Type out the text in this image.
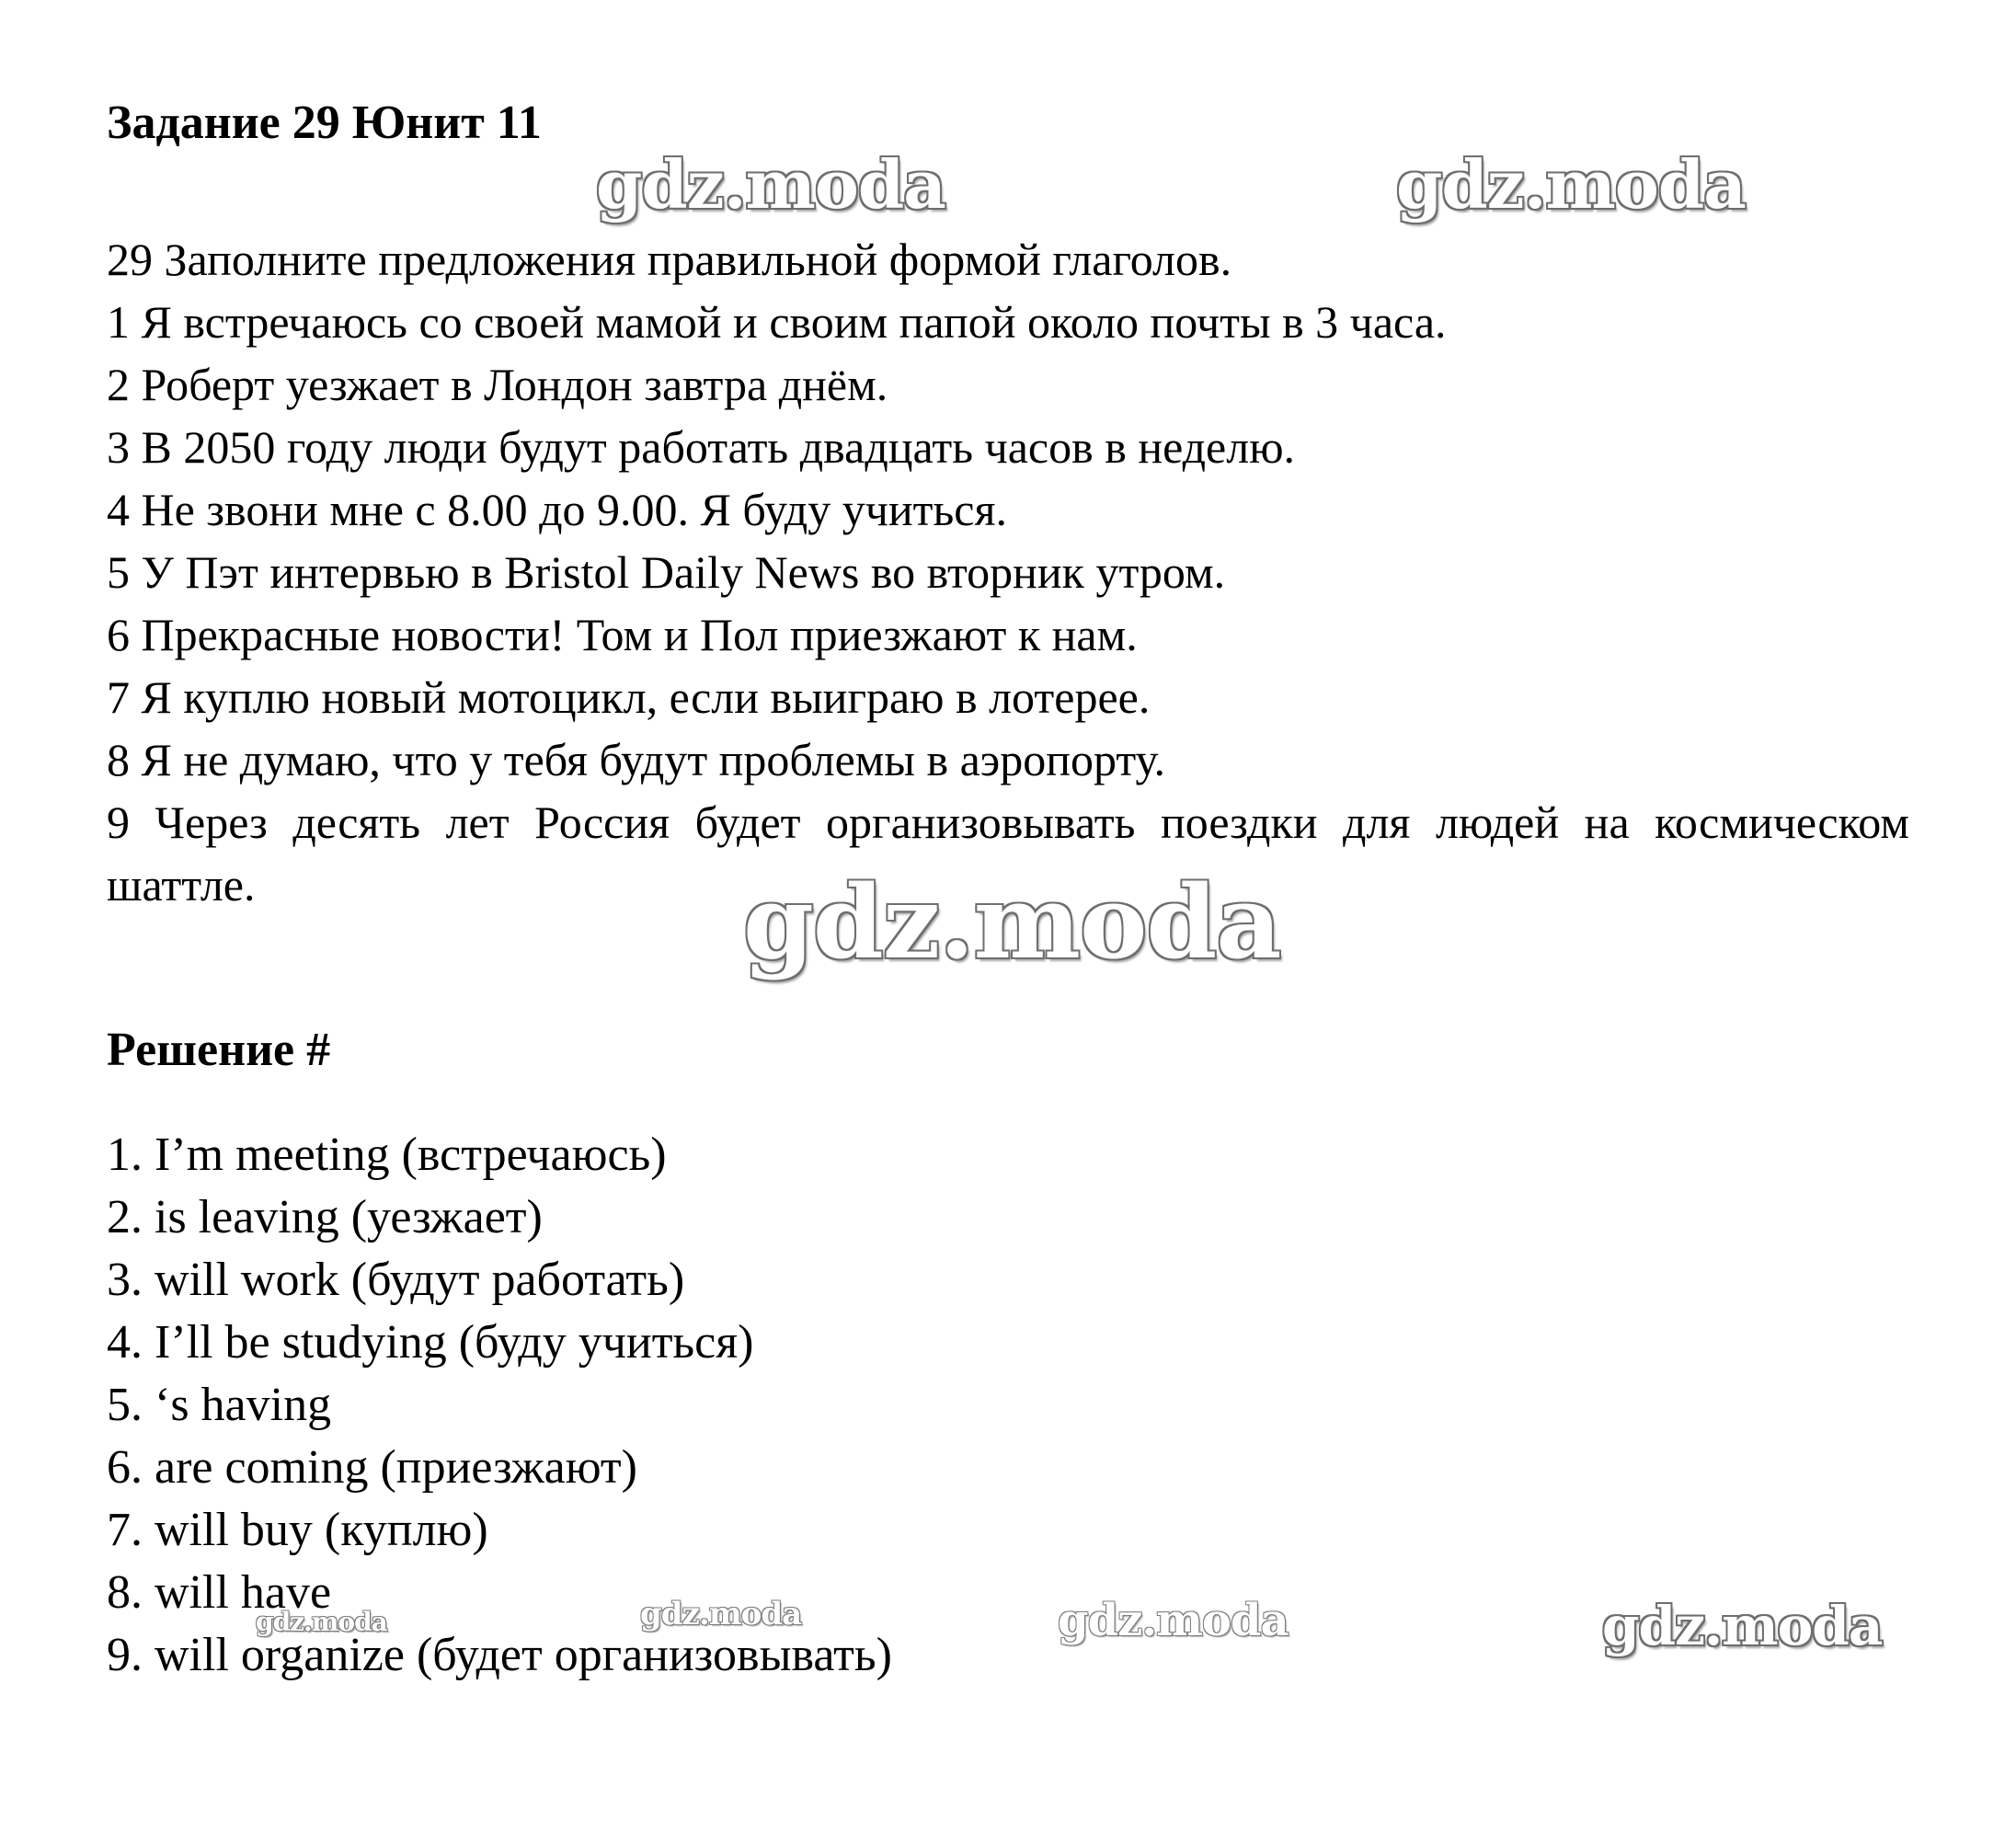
Задание 29 Юнит 11
29 Заполните предложения правильной формой глаголов.
1 Я встречаюсь со своей мамой и своим папой около почты в 3 часа.
2 Роберт уезжает в Лондон завтра днём.
3 В 2050 году люди будут работать двадцать часов в неделю.
4 Не звони мне с 8.00 до 9.00. Я буду учиться.
5 У Пэт интервью в Bristol Daily News во вторник утром.
6 Прекрасные новости! Том и Пол приезжают к нам.
7 Я куплю новый мотоцикл, если выиграю в лотерее.
8 Я не думаю, что у тебя будут проблемы в аэропорту.
9 Через десять лет Россия будет организовывать поездки для людей на космическом шаттле.
Решение #
1. I’m meeting (встречаюсь)
2. is leaving (уезжает)
3. will work (будут работать)
4. I’ll be studying (буду учиться)
5. ‘s having
6. are coming (приезжают)
7. will buy (куплю)
8. will have
9. will organize (будет организовывать)
gdz.moda	gdz.moda
gdz.moda
gdz.moda	gdz.moda	gdz.moda	gdz.moda
